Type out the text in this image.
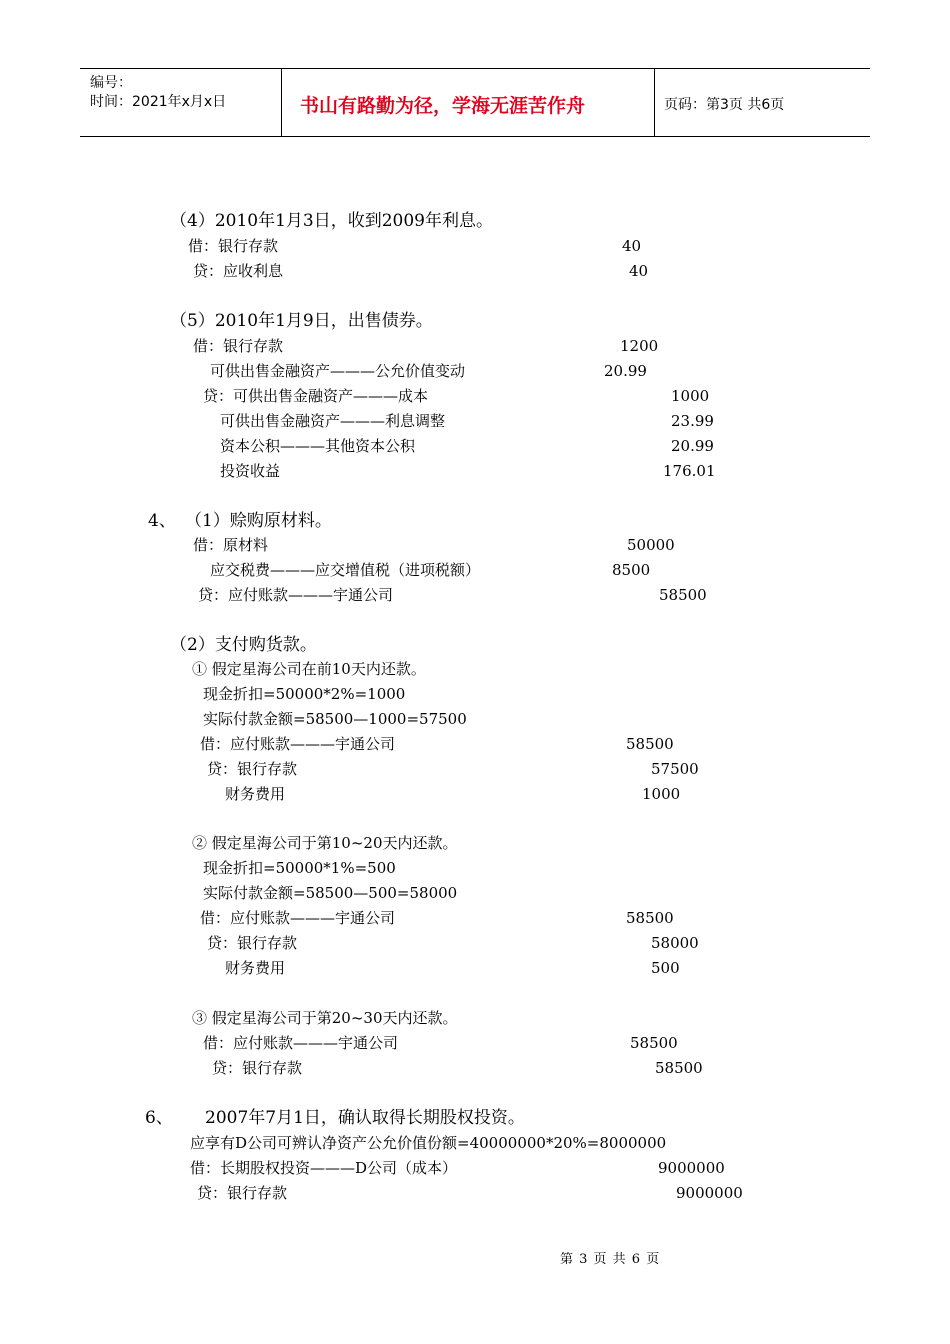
编号：
时间：2021年x月x日	书山有路勤为径，学海无涯苦作舟	页码：第3页 共6页
（4）2010年1月3日，收到2009年利息。
借：银行存款	40
贷：应收利息	40
（5）2010年1月9日，出售债券。
借：银行存款	1200
可供出售金融资产———公允价值变动	20.99
贷：可供出售金融资产———成本	1000
可供出售金融资产———利息调整	23.99
资本公积———其他资本公积	20.99
投资收益	176.01
4、 （1）赊购原材料。
借：原材料	50000
应交税费———应交增值税（进项税额）	8500
贷：应付账款———宇通公司	58500
（2）支付购货款。
① 假定星海公司在前10天内还款。
现金折扣=50000*2%=1000
实际付款金额=58500—1000=57500
借：应付账款———宇通公司	58500
贷：银行存款	57500
财务费用	1000
② 假定星海公司于第10~20天内还款。
现金折扣=50000*1%=500
实际付款金额=58500—500=58000
借：应付账款———宇通公司	58500
贷：银行存款	58000
财务费用	500
③ 假定星海公司于第20~30天内还款。
借：应付账款———宇通公司	58500
贷：银行存款	58500
6、 2007年7月1日，确认取得长期股权投资。
应享有D公司可辨认净资产公允价值份额=40000000*20%=8000000
借：长期股权投资———D公司（成本）	9000000
贷：银行存款	9000000
第 3 页 共 6 页
